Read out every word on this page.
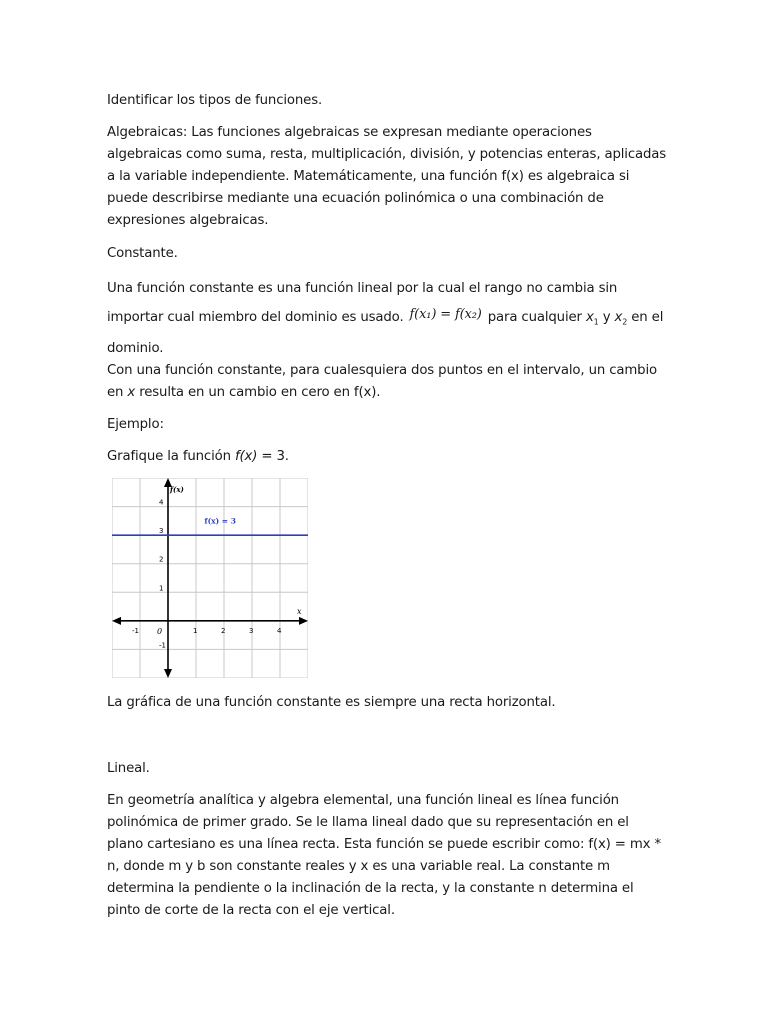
Identificar los tipos de funciones.

Algebraicas: Las funciones algebraicas se expresan mediante operaciones algebraicas como suma, resta, multiplicación, división, y potencias enteras, aplicadas a la variable independiente. Matemáticamente, una función f(x) es algebraica si puede describirse mediante una ecuación polinómica o una combinación de expresiones algebraicas.

Constante.

Una función constante es una función lineal por la cual el rango no cambia sin importar cual miembro del dominio es usado. f(x₁) = f(x₂) para cualquier $x_1$ y $x_2$ en el dominio.

Con una función constante, para cualesquiera dos puntos en el intervalo, un cambio en x resulta en un cambio en cero en f(x).

Ejemplo:

Grafique la función f(x) = 3.

-1	1	2	3	4
-1
1
2
3
4
0
x
f(x)
f(x) = 3

La gráfica de una función constante es siempre una recta horizontal.

Lineal.

En geometría analítica y algebra elemental, una función lineal es línea función polinómica de primer grado. Se le llama lineal dado que su representación en el plano cartesiano es una línea recta. Esta función se puede escribir como: f(x) = mx * n, donde m y b son constante reales y x es una variable real. La constante m determina la pendiente o la inclinación de la recta, y la constante n determina el pinto de corte de la recta con el eje vertical.
